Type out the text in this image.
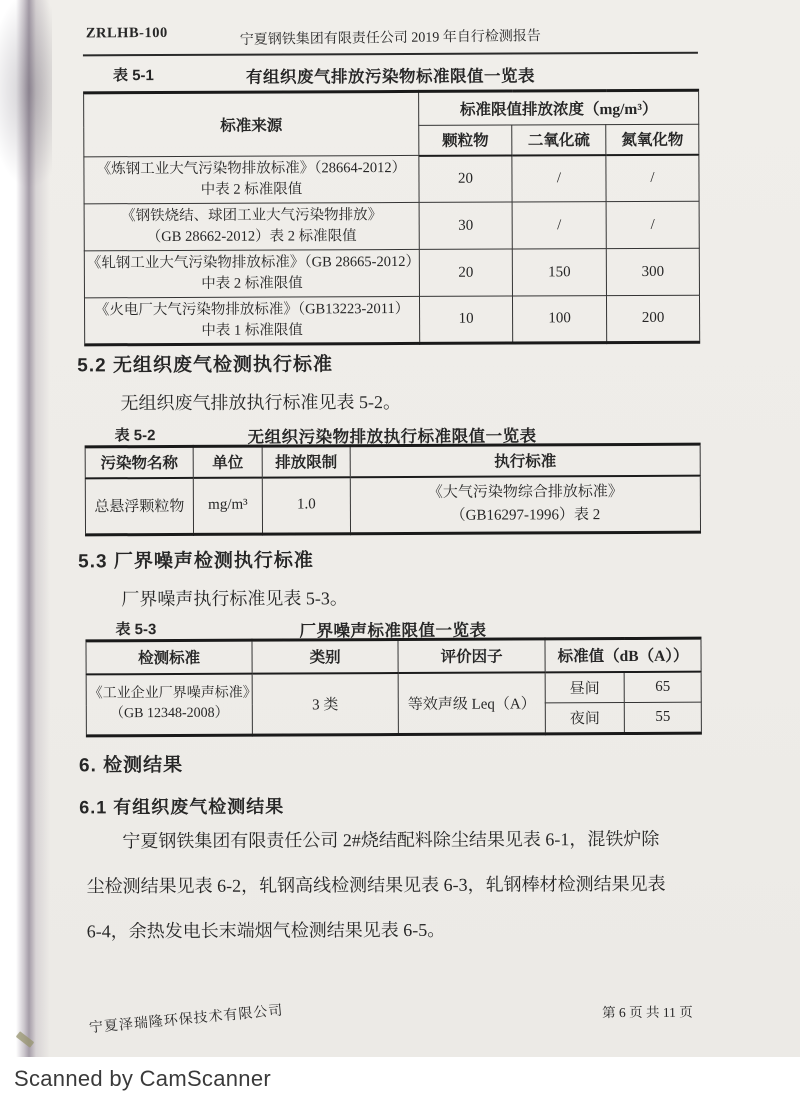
ZRLHB-100	宁夏钢铁集团有限责任公司 2019 年自行检测报告
表 5-1	有组织废气排放污染物标准限值一览表
标准来源	标准限值排放浓度（mg/m³）		
	颗粒物	二氧化硫	氮氧化物

《炼钢工业大气污染物排放标准》（28664-2012）
中表 2 标准限值	20	/	/

《钢铁烧结、球团工业大气污染物排放》
（GB 28662-2012）表 2 标准限值	30	/	/

《轧钢工业大气污染物排放标准》（GB 28665-2012）
中表 2 标准限值	20	150	300

《火电厂大气污染物排放标准》（GB13223-2011）
中表 1 标准限值	10	100	200
5.2 无组织废气检测执行标准
无组织废气排放执行标准见表 5-2。
表 5-2	无组织污染物排放执行标准限值一览表
污染物名称	单位	排放限制	执行标准
总悬浮颗粒物	mg/m³	1.0	《大气污染物综合排放标准》
（GB16297-1996）表 2
5.3 厂界噪声检测执行标准
厂界噪声执行标准见表 5-3。
表 5-3	厂界噪声标准限值一览表
检测标准	类别	评价因子	标准值（dB（A））	

《工业企业厂界噪声标准》
（GB 12348-2008）	3 类	等效声级 Leq（A）	昼间	65
			夜间	55
6. 检测结果
6.1 有组织废气检测结果
宁夏钢铁集团有限责任公司 2#烧结配料除尘结果见表 6-1，混铁炉除
尘检测结果见表 6-2，轧钢高线检测结果见表 6-3，轧钢棒材检测结果见表
6-4，余热发电长末端烟气检测结果见表 6-5。
第 6 页 共 11 页
宁夏泽瑞隆环保技术有限公司
Scanned by CamScanner
